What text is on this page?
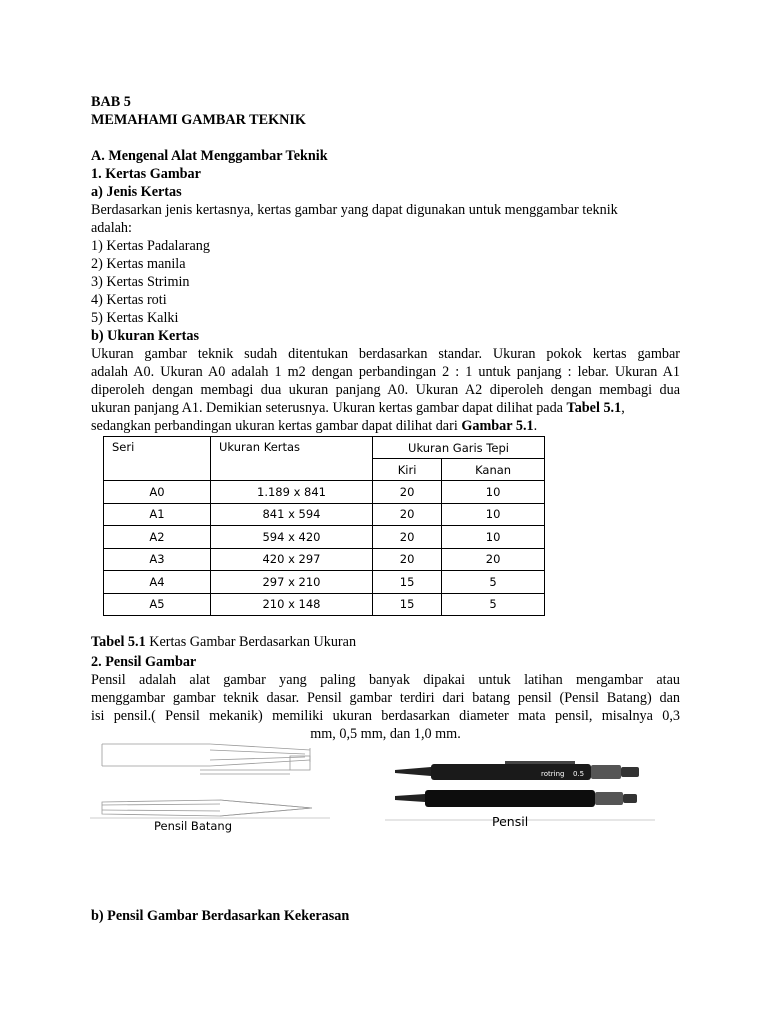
BAB 5
MEMAHAMI GAMBAR TEKNIK
A. Mengenal Alat Menggambar Teknik
1. Kertas Gambar
a) Jenis Kertas
Berdasarkan jenis kertasnya, kertas gambar yang dapat digunakan untuk menggambar teknik
adalah:
1) Kertas Padalarang
2) Kertas manila
3) Kertas Strimin
4) Kertas roti
5) Kertas Kalki
b) Ukuran Kertas
Ukuran gambar teknik sudah ditentukan berdasarkan standar. Ukuran pokok kertas gambar
adalah A0. Ukuran A0 adalah 1 m2 dengan perbandingan 2 : 1 untuk panjang : lebar. Ukuran A1
diperoleh dengan membagi dua ukuran panjang A0. Ukuran A2 diperoleh dengan membagi dua
ukuran panjang A1. Demikian seterusnya. Ukuran kertas gambar dapat dilihat pada Tabel 5.1,
sedangkan perbandingan ukuran kertas gambar dapat dilihat dari Gambar 5.1.
Seri	Ukuran Kertas	Ukuran Garis Tepi	
		Kiri	Kanan
A0	1.189 x 841	20	10
A1	841 x 594	20	10
A2	594 x 420	20	10
A3	420 x 297	20	20
A4	297 x 210	15	5
A5	210 x 148	15	5
Tabel 5.1 Kertas Gambar Berdasarkan Ukuran
2. Pensil Gambar
Pensil adalah alat gambar yang paling banyak dipakai untuk latihan mengambar atau
menggambar gambar teknik dasar. Pensil gambar terdiri dari batang pensil (Pensil Batang) dan
isi pensil.( Pensil mekanik) memiliki ukuran berdasarkan diameter mata pensil, misalnya 0,3
mm, 0,5 mm, dan 1,0 mm.
Pensil Batang
rotring 0.5
Pensil
b) Pensil Gambar Berdasarkan Kekerasan
